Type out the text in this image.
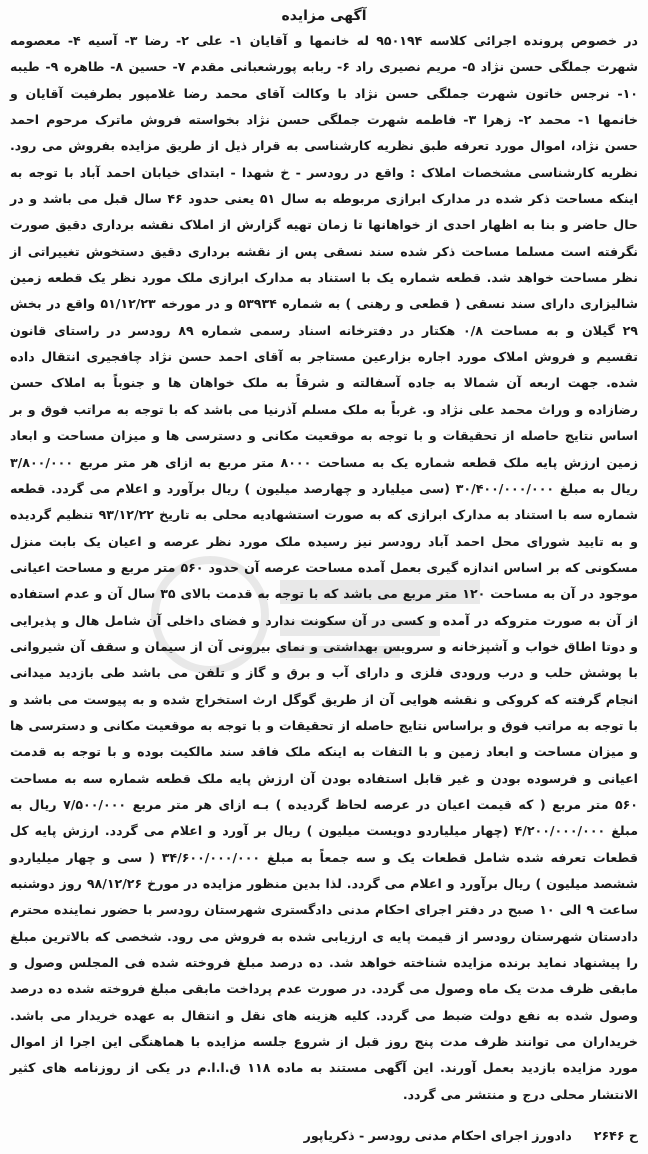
آگهی مزایده

در خصوص پرونده اجرائی کلاسه ۹۵۰۱۹۴ له خانمها و آقایان ۱- علی ۲- رضا ۳- آسیه ۴- معصومه شهرت جملگی حسن نژاد ۵- مریم نصیری راد ۶- ربابه پورشعبانی مقدم ۷- حسین ۸- طاهره ۹- طیبه ۱۰- نرجس خاتون شهرت جملگی حسن نژاد با وکالت آقای محمد رضا غلامپور بطرفیت آقایان و خانمها ۱- محمد ۲- زهرا ۳- فاطمه شهرت جملگی حسن نژاد بخواسته فروش ماترک مرحوم احمد حسن نژاد، اموال مورد تعرفه طبق نظریه کارشناسی به قرار ذیل از طریق مزایده بفروش می رود. نظریه کارشناسی مشخصات املاک : واقع در رودسر - خ شهدا - ابتدای خیابان احمد آباد با توجه به اینکه مساحت ذکر شده در مدارک ابرازی مربوطه به سال ۵۱ یعنی حدود ۴۶ سال قبل می باشد و در حال حاضر و بنا به اظهار احدی از خواهانها تا زمان تهیه گزارش از املاک نقشه برداری دقیق صورت نگرفته است مسلما مساحت ذکر شده سند نسقی پس از نقشه برداری دقیق دستخوش تغییراتی از نظر مساحت خواهد شد. قطعه شماره یک با استناد به مدارک ابرازی ملک مورد نظر یک قطعه زمین شالیزاری دارای سند نسقی ( قطعی و رهنی ) به شماره ۵۳۹۳۴ و در مورخه ۵۱/۱۲/۲۳ واقع در بخش ۲۹ گیلان و به مساحت ۰/۸ هکتار در دفترخانه اسناد رسمی شماره ۸۹ رودسر در راستای قانون تقسیم و فروش املاک مورد اجاره بزارعین مستاجر به آقای احمد حسن نژاد چافجیری انتقال داده شده. جهت اربعه آن شمالا به جاده آسفالته و شرقاً به ملک خواهان ها و جنوباً به املاک حسن رضازاده و وراث محمد علی نژاد و. غرباً به ملک مسلم آذرنیا می باشد که با توجه به مراتب فوق و بر اساس نتایج حاصله از تحقیقات و با توجه به موقعیت مکانی و دسترسی ها و میزان مساحت و ابعاد زمین ارزش پایه ملک قطعه شماره یک به مساحت ۸۰۰۰ متر مربع به ازای هر متر مربع ۳/۸۰۰/۰۰۰ ریال به مبلغ ۳۰/۴۰۰/۰۰۰/۰۰۰ (سی میلیارد و چهارصد میلیون ) ریال برآورد و اعلام می گردد. قطعه شماره سه با استناد به مدارک ابرازی که به صورت استشهادیه محلی به تاریخ ۹۳/۱۲/۲۲ تنظیم گردیده و به تایید شورای محل احمد آباد رودسر نیز رسیده ملک مورد نظر عرصه و اعیان یک بابت منزل مسکونی که بر اساس اندازه گیری بعمل آمده مساحت عرصه آن حدود ۵۶۰ متر مربع و مساحت اعیانی موجود در آن به مساحت ۱۲۰ متر مربع می باشد که با توجه به قدمت بالای ۳۵ سال آن و عدم استفاده از آن به صورت متروکه در آمده و کسی در آن سکونت ندارد و فضای داخلی آن شامل هال و پذیرایی و دوتا اطاق خواب و آشپزخانه و سرویس بهداشتی و نمای بیرونی آن از سیمان و سقف آن شیروانی با پوشش حلب و درب ورودی فلزی و دارای آب و برق و گاز و تلفن می باشد طی بازدید میدانی انجام گرفته که کروکی و نقشه هوایی آن از طریق گوگل ارث استخراج شده و به پیوست می باشد و با توجه به مراتب فوق و براساس نتایج حاصله از تحقیقات و با توجه به موقعیت مکانی و دسترسی ها و میزان مساحت و ابعاد زمین و با التفات به اینکه ملک فاقد سند مالکیت بوده و با توجه به قدمت اعیانی و فرسوده بودن و غیر قابل استفاده بودن آن ارزش پایه ملک قطعه شماره سه به مساحت ۵۶۰ متر مربع ( که قیمت اعیان در عرصه لحاظ گردیده ) بـه ازای هر متر مربع ۷/۵۰۰/۰۰۰ ریال به مبلغ ۴/۲۰۰/۰۰۰/۰۰۰ (چهار میلیاردو دویست میلیون ) ریال بر آورد و اعلام می گردد. ارزش پایه کل قطعات تعرفه شده شامل قطعات یک و سه جمعاً به مبلغ ۳۴/۶۰۰/۰۰۰/۰۰۰ ( سی و چهار میلیاردو ششصد میلیون ) ریال برآورد و اعلام می گردد. لذا بدین منظور مزایده در مورخ ۹۸/۱۲/۲۶ روز دوشنبه ساعت ۹ الی ۱۰ صبح در دفتر اجرای احکام مدنی دادگستری شهرستان رودسر با حضور نماینده محترم دادستان شهرستان رودسر از قیمت پایه ی ارزیابی شده به فروش می رود. شخصی که بالاترین مبلغ را پیشنهاد نماید برنده مزایده شناخته خواهد شد. ده درصد مبلغ فروخته شده فی المجلس وصول و مابقی ظرف مدت یک ماه وصول می گردد. در صورت عدم پرداخت مابقی مبلغ فروخته شده ده درصد وصول شده به نفع دولت ضبط می گردد. کلیه هزینه های نقل و انتقال به عهده خریدار می باشد. خریداران می توانند ظرف مدت پنج روز قبل از شروع جلسه مزایده با هماهنگی این اجرا از اموال مورد مزایده بازدید بعمل آورند. این آگهی مستند به ماده ۱۱۸ ق.ا.ا.م در یکی از روزنامه های کثیر الانتشار محلی درج و منتشر می گردد.

ح ۲۶۴۶
دادورز اجرای احکام مدنی رودسر - ذکریاپور
